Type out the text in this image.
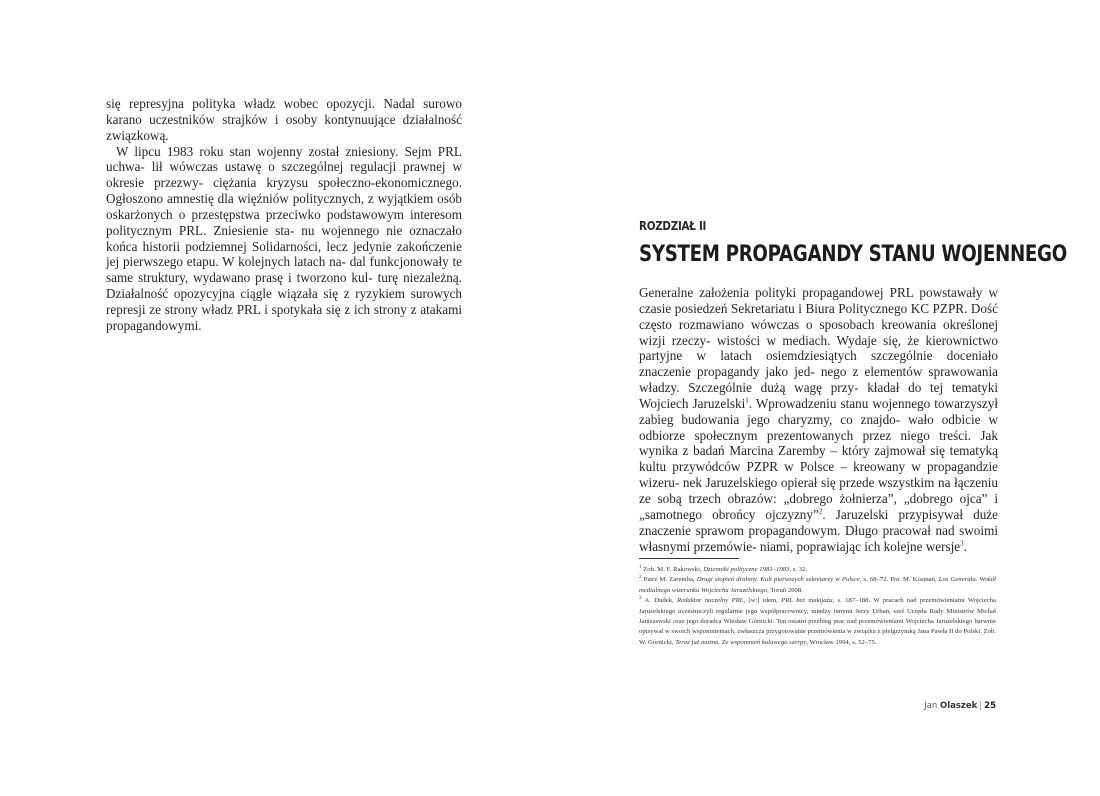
się represyjna polityka władz wobec opozycji. Nadal surowo karano uczestników strajków i osoby kontynuujące działalność związkową.

W lipcu 1983 roku stan wojenny został zniesiony. Sejm PRL uchwa- lił wówczas ustawę o szczególnej regulacji prawnej w okresie przezwy- ciężania kryzysu społeczno-ekonomicznego. Ogłoszono amnestię dla więźniów politycznych, z wyjątkiem osób oskarżonych o przestępstwa przeciwko podstawowym interesom politycznym PRL. Zniesienie sta- nu wojennego nie oznaczało końca historii podziemnej Solidarności, lecz jedynie zakończenie jej pierwszego etapu. W kolejnych latach na- dal funkcjonowały te same struktury, wydawano prasę i tworzono kul- turę niezależną. Działalność opozycyjna ciągle wiązała się z ryzykiem surowych represji ze strony władz PRL i spotykała się z ich strony z atakami propagandowymi.

ROZDZIAŁ II
SYSTEM PROPAGANDY STANU WOJENNEGO

Generalne założenia polityki propagandowej PRL powstawały w czasie posiedzeń Sekretariatu i Biura Politycznego KC PZPR. Dość często rozmawiano wówczas o sposobach kreowania określonej wizji rzeczy- wistości w mediach. Wydaje się, że kierownictwo partyjne w latach osiemdziesiątych szczególnie doceniało znaczenie propagandy jako jed- nego z elementów sprawowania władzy. Szczególnie dużą wagę przy- kładał do tej tematyki Wojciech Jaruzelski$^1$. Wprowadzeniu stanu wojennego towarzyszył zabieg budowania jego charyzmy, co znajdo- wało odbicie w odbiorze społecznym prezentowanych przez niego treści. Jak wynika z badań Marcina Zaremby – który zajmował się tematyką kultu przywódców PZPR w Polsce – kreowany w propagandzie wizeru- nek Jaruzelskiego opierał się przede wszystkim na łączeniu ze sobą trzech obrazów: „dobrego żołnierza”, „dobrego ojca” i „samotnego obrońcy ojczyzny”$^2$. Jaruzelski przypisywał duże znaczenie sprawom propagandowym. Długo pracował nad swoimi własnymi przemówie- niami, poprawiając ich kolejne wersje$^3$.

$^1$ Zob. M. F. Rakowski, Dzienniki polityczne 1981–1983, s. 32.

$^2$ Patrz M. Zaremba, Drugi stopień drabiny. Kult pierwszych sekretarzy w Polsce, s. 68–72. Por. M. Kosman, Los Generała. Wokół medialnego wizerunku Wojciecha Jaruzelskiego, Toruń 2008.

$^3$ A. Dudek, Redaktor naczelny PRL, [w:] idem, PRL bez makijażu, s. 187–188. W pracach nad przemówieniami Wojciecha Jaruzelskiego uczestniczyli regularnie jego współpracownicy, między innymi Jerzy Urban, szef Urzędu Rady Ministrów Michał Janiszewski oraz jego doradca Wiesław Górnicki. Ten ostatni przebieg prac nad przemówieniami Wojciecha Jaruzelskiego barwnie opisywał w swoich wspomnieniach, zwłaszcza przygotowanie przemówienia w związku z pielgrzymką Jana Pawła II do Polski. Zob. W. Górnicki, Teraz już można. Ze wspomnień kulawego szerpy, Wrocław 1994, s. 52–75.

Jan Olaszek | 25
